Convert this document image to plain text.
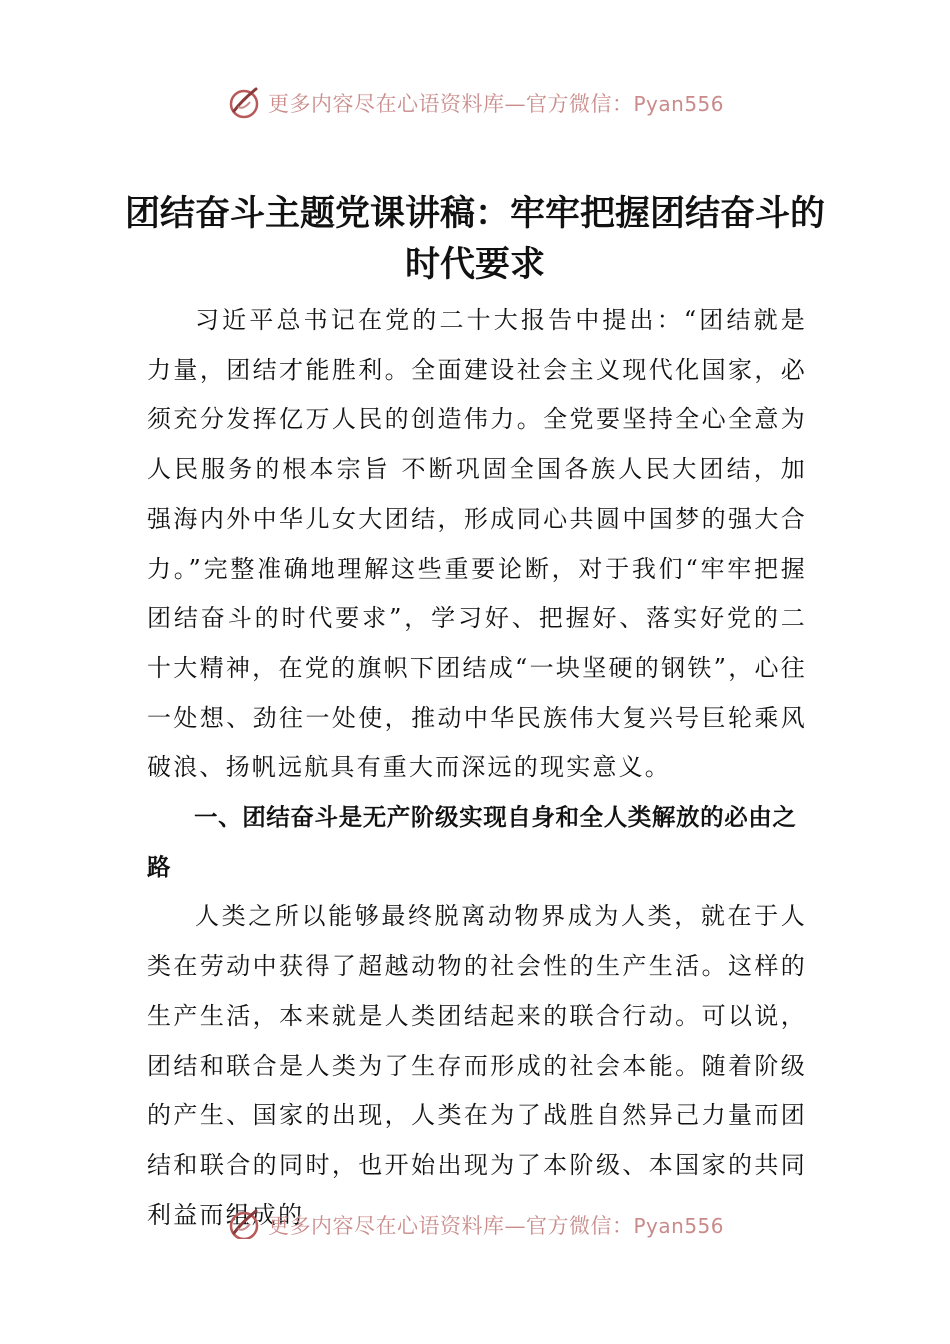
更多内容尽在心语资料库—官方微信：Pyan556
团结奋斗主题党课讲稿：牢牢把握团结奋斗的时代要求

习近平总书记在党的二十大报告中提出：“团结就是力量，团结才能胜利。全面建设社会主义现代化国家，必须充分发挥亿万人民的创造伟力。全党要坚持全心全意为人民服务的根本宗旨 不断巩固全国各族人民大团结，加强海内外中华儿女大团结，形成同心共圆中国梦的强大合力。”完整准确地理解这些重要论断，对于我们“牢牢把握团结奋斗的时代要求”，学习好、把握好、落实好党的二十大精神，在党的旗帜下团结成“一块坚硬的钢铁”，心往一处想、劲往一处使，推动中华民族伟大复兴号巨轮乘风破浪、扬帆远航具有重大而深远的现实意义。

一、团结奋斗是无产阶级实现自身和全人类解放的必由之路

人类之所以能够最终脱离动物界成为人类，就在于人类在劳动中获得了超越动物的社会性的生产生活。这样的生产生活，本来就是人类团结起来的联合行动。可以说，团结和联合是人类为了生存而形成的社会本能。随着阶级的产生、国家的出现，人类在为了战胜自然异己力量而团结和联合的同时，也开始出现为了本阶级、本国家的共同利益而组成的

更多内容尽在心语资料库—官方微信：Pyan556
